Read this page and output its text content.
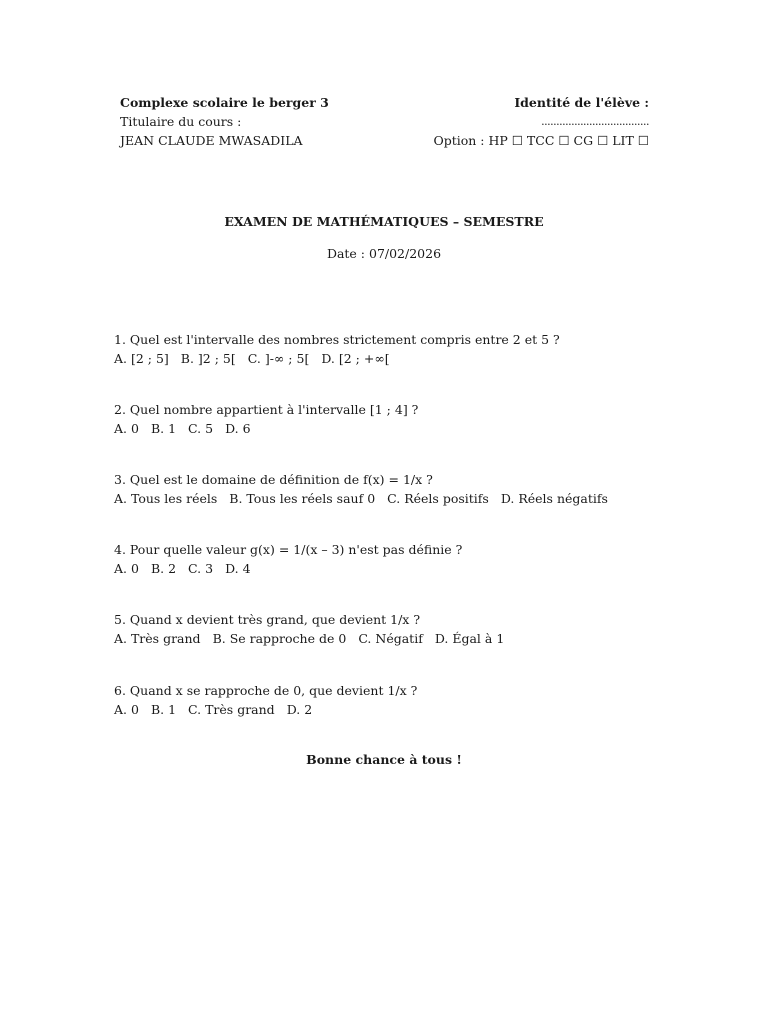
Complexe scolaire le berger 3
Titulaire du cours :
JEAN CLAUDE MWASADILA
Identité de l'élève :
....................................
Option : HP ☐ TCC ☐ CG ☐ LIT ☐
EXAMEN DE MATHÉMATIQUES – SEMESTRE
Date : 07/02/2026
1. Quel est l'intervalle des nombres strictement compris entre 2 et 5 ?
A. [2 ; 5] B. ]2 ; 5[ C. ]-∞ ; 5[ D. [2 ; +∞[
2. Quel nombre appartient à l'intervalle [1 ; 4] ?
A. 0 B. 1 C. 5 D. 6
3. Quel est le domaine de définition de f(x) = 1/x ?
A. Tous les réels B. Tous les réels sauf 0 C. Réels positifs D. Réels négatifs
4. Pour quelle valeur g(x) = 1/(x – 3) n'est pas définie ?
A. 0 B. 2 C. 3 D. 4
5. Quand x devient très grand, que devient 1/x ?
A. Très grand B. Se rapproche de 0 C. Négatif D. Égal à 1
6. Quand x se rapproche de 0, que devient 1/x ?
A. 0 B. 1 C. Très grand D. 2
Bonne chance à tous !
